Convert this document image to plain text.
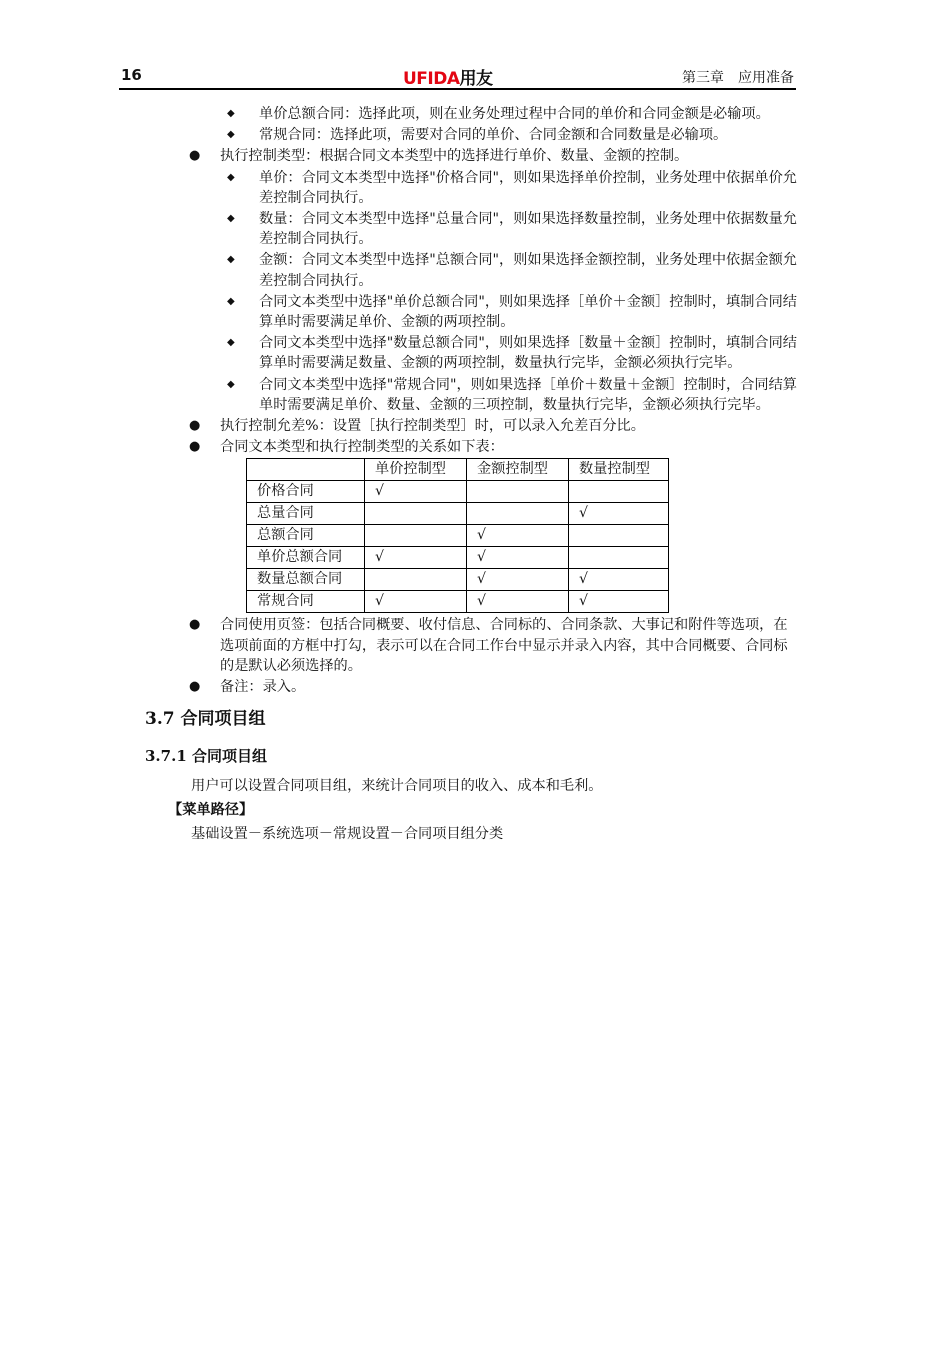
16	UFIDA用友	第三章　应用准备
◆ 单价总额合同：选择此项，则在业务处理过程中合同的单价和合同金额是必输项。
◆ 常规合同：选择此项，需要对合同的单价、合同金额和合同数量是必输项。
● 执行控制类型：根据合同文本类型中的选择进行单价、数量、金额的控制。
◆ 单价：合同文本类型中选择"价格合同"，则如果选择单价控制，业务处理中依据单价允差控制合同执行。
◆ 数量：合同文本类型中选择"总量合同"，则如果选择数量控制，业务处理中依据数量允差控制合同执行。
◆ 金额：合同文本类型中选择"总额合同"，则如果选择金额控制，业务处理中依据金额允差控制合同执行。
◆ 合同文本类型中选择"单价总额合同"，则如果选择［单价＋金额］控制时，填制合同结算单时需要满足单价、金额的两项控制。
◆ 合同文本类型中选择"数量总额合同"，则如果选择［数量＋金额］控制时，填制合同结算单时需要满足数量、金额的两项控制，数量执行完毕，金额必须执行完毕。
◆ 合同文本类型中选择"常规合同"，则如果选择［单价＋数量＋金额］控制时，合同结算单时需要满足单价、数量、金额的三项控制，数量执行完毕，金额必须执行完毕。
● 执行控制允差%：设置［执行控制类型］时，可以录入允差百分比。
● 合同文本类型和执行控制类型的关系如下表：
	单价控制型	金额控制型	数量控制型
价格合同	√		
总量合同			√
总额合同		√	
单价总额合同	√	√	
数量总额合同		√	√
常规合同	√	√	√
● 合同使用页签：包括合同概要、收付信息、合同标的、合同条款、大事记和附件等选项，在选项前面的方框中打勾，表示可以在合同工作台中显示并录入内容，其中合同概要、合同标的是默认必须选择的。
● 备注：录入。
3.7 合同项目组
3.7.1 合同项目组
用户可以设置合同项目组，来统计合同项目的收入、成本和毛利。
【菜单路径】
基础设置－系统选项－常规设置－合同项目组分类
